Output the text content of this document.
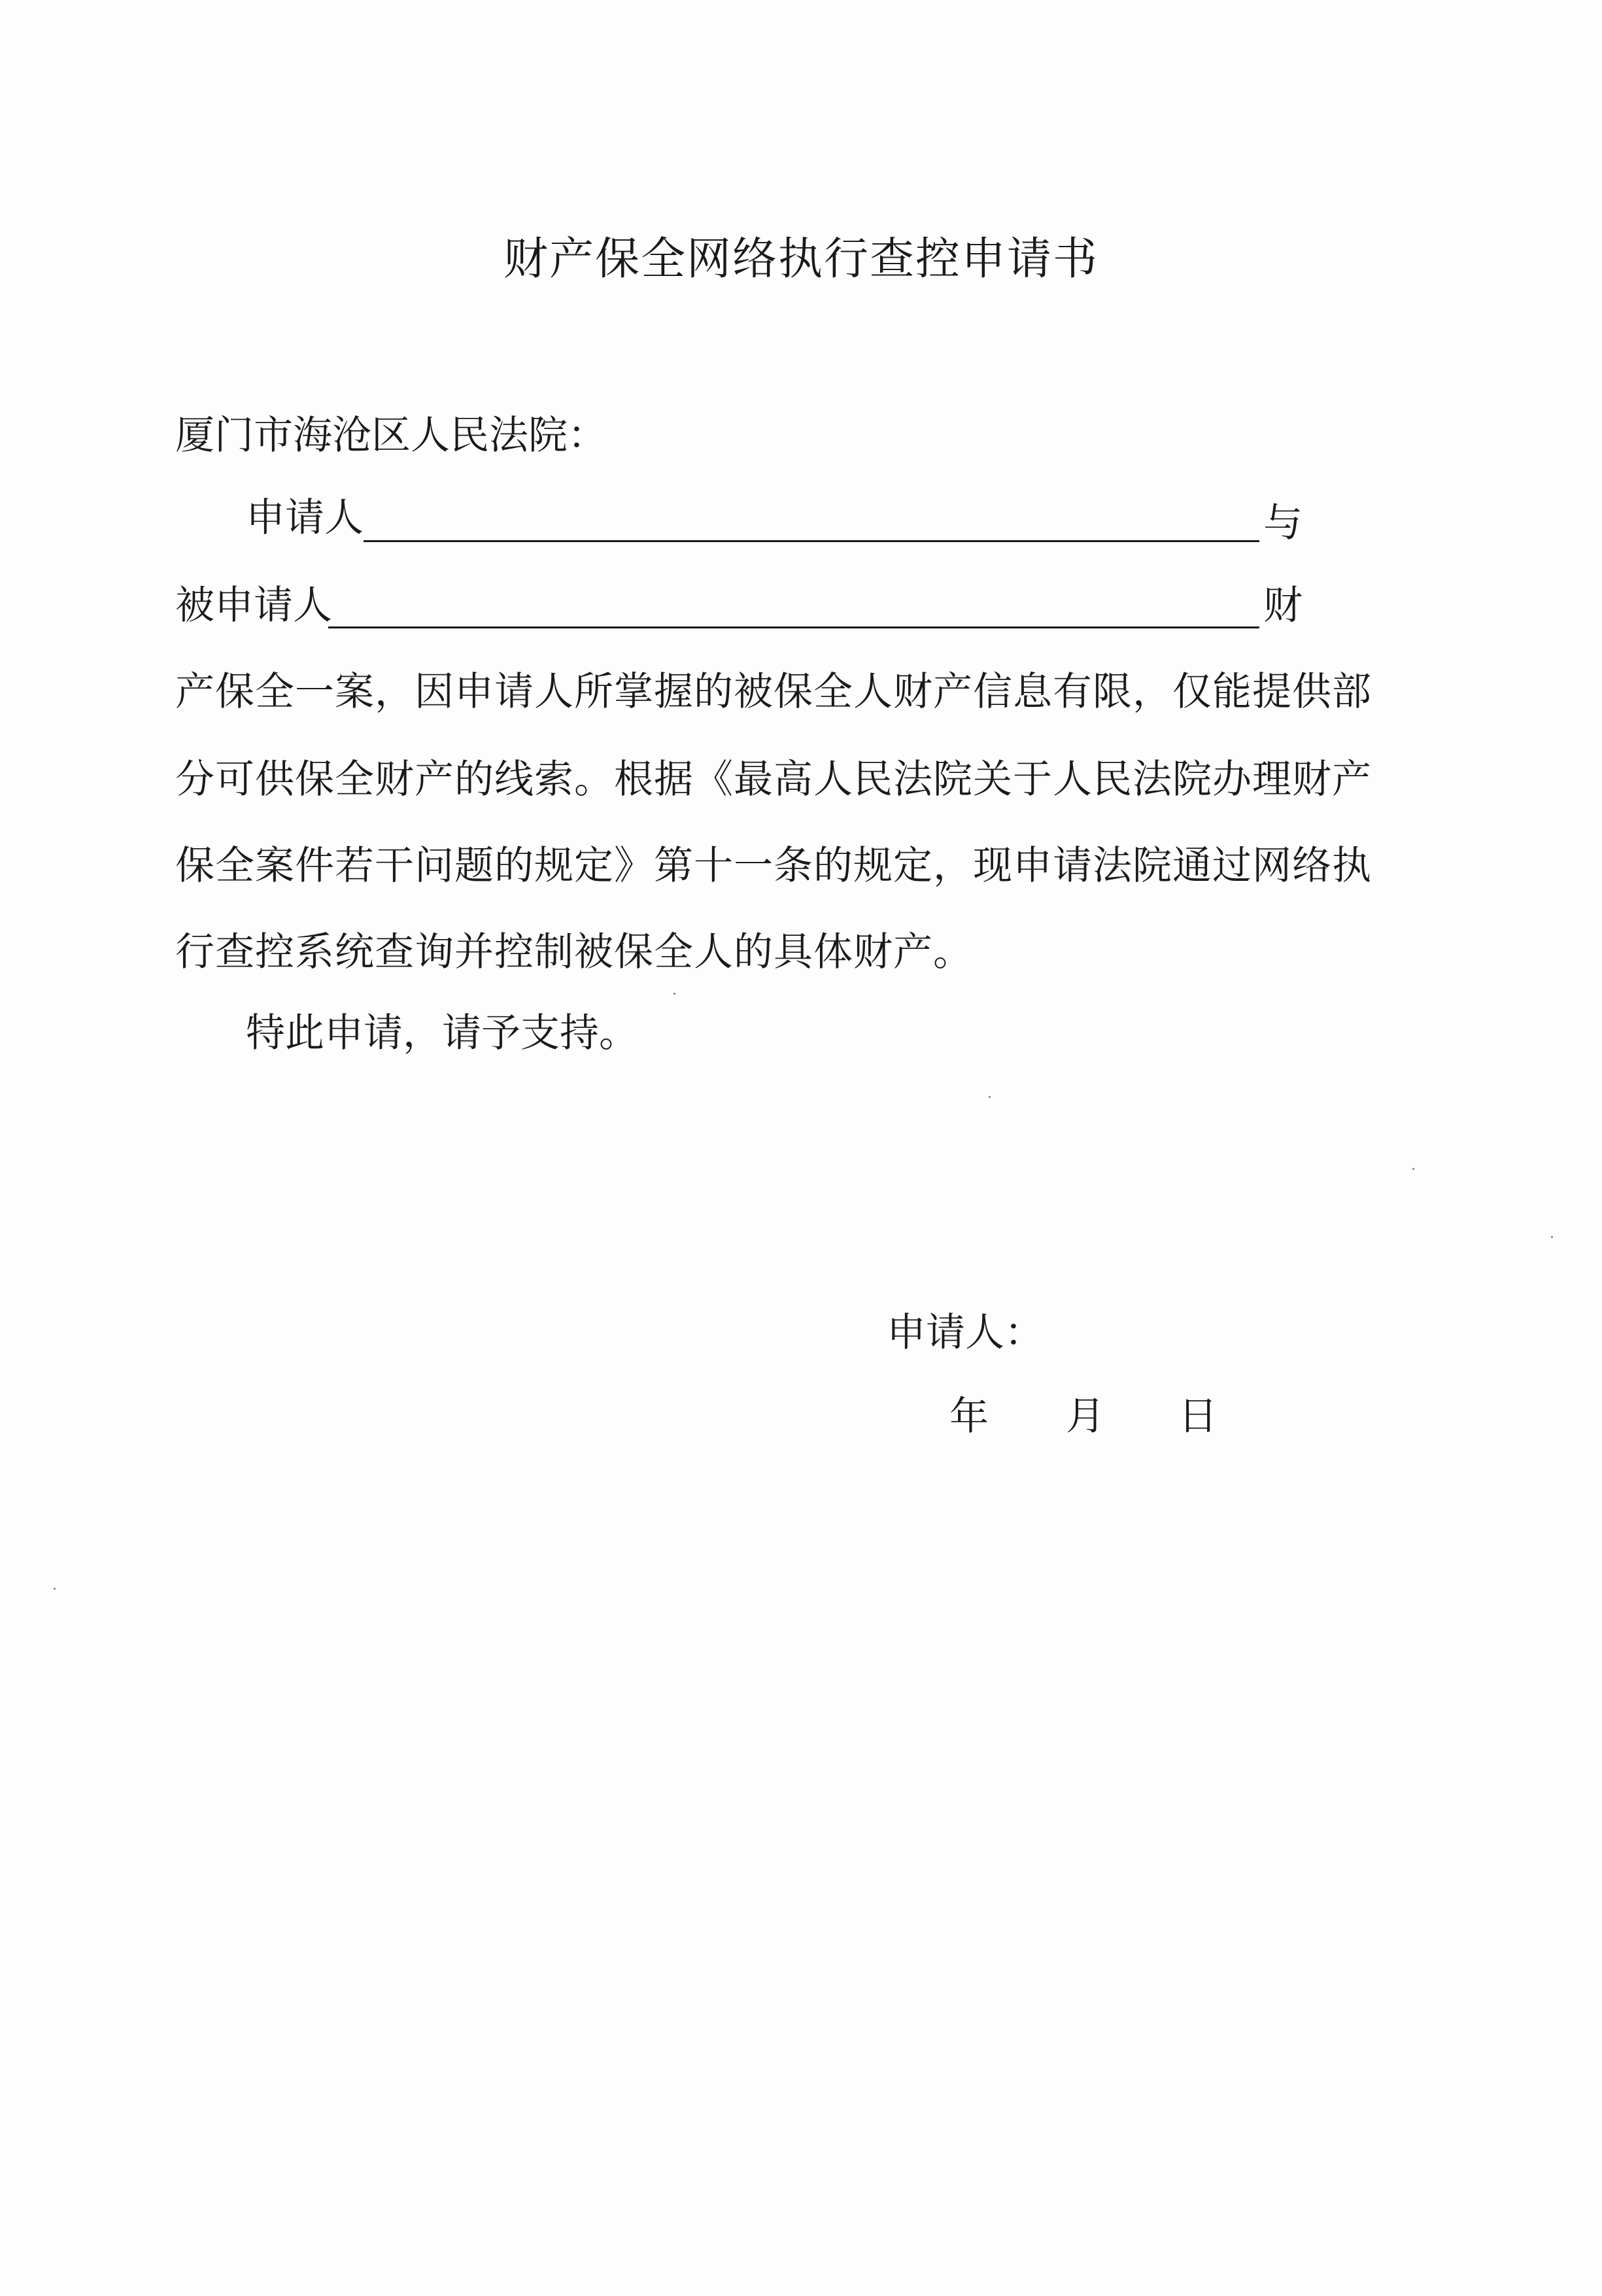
财产保全网络执行查控申请书
厦门市海沧区人民法院：
申请人	与
被申请人	财
产保全一案，因申请人所掌握的被保全人财产信息有限，仅能提供部
分可供保全财产的线索。根据《最高人民法院关于人民法院办理财产
保全案件若干问题的规定》第十一条的规定，现申请法院通过网络执
行查控系统查询并控制被保全人的具体财产。
特此申请，请予支持。
申请人：
年 月 日
